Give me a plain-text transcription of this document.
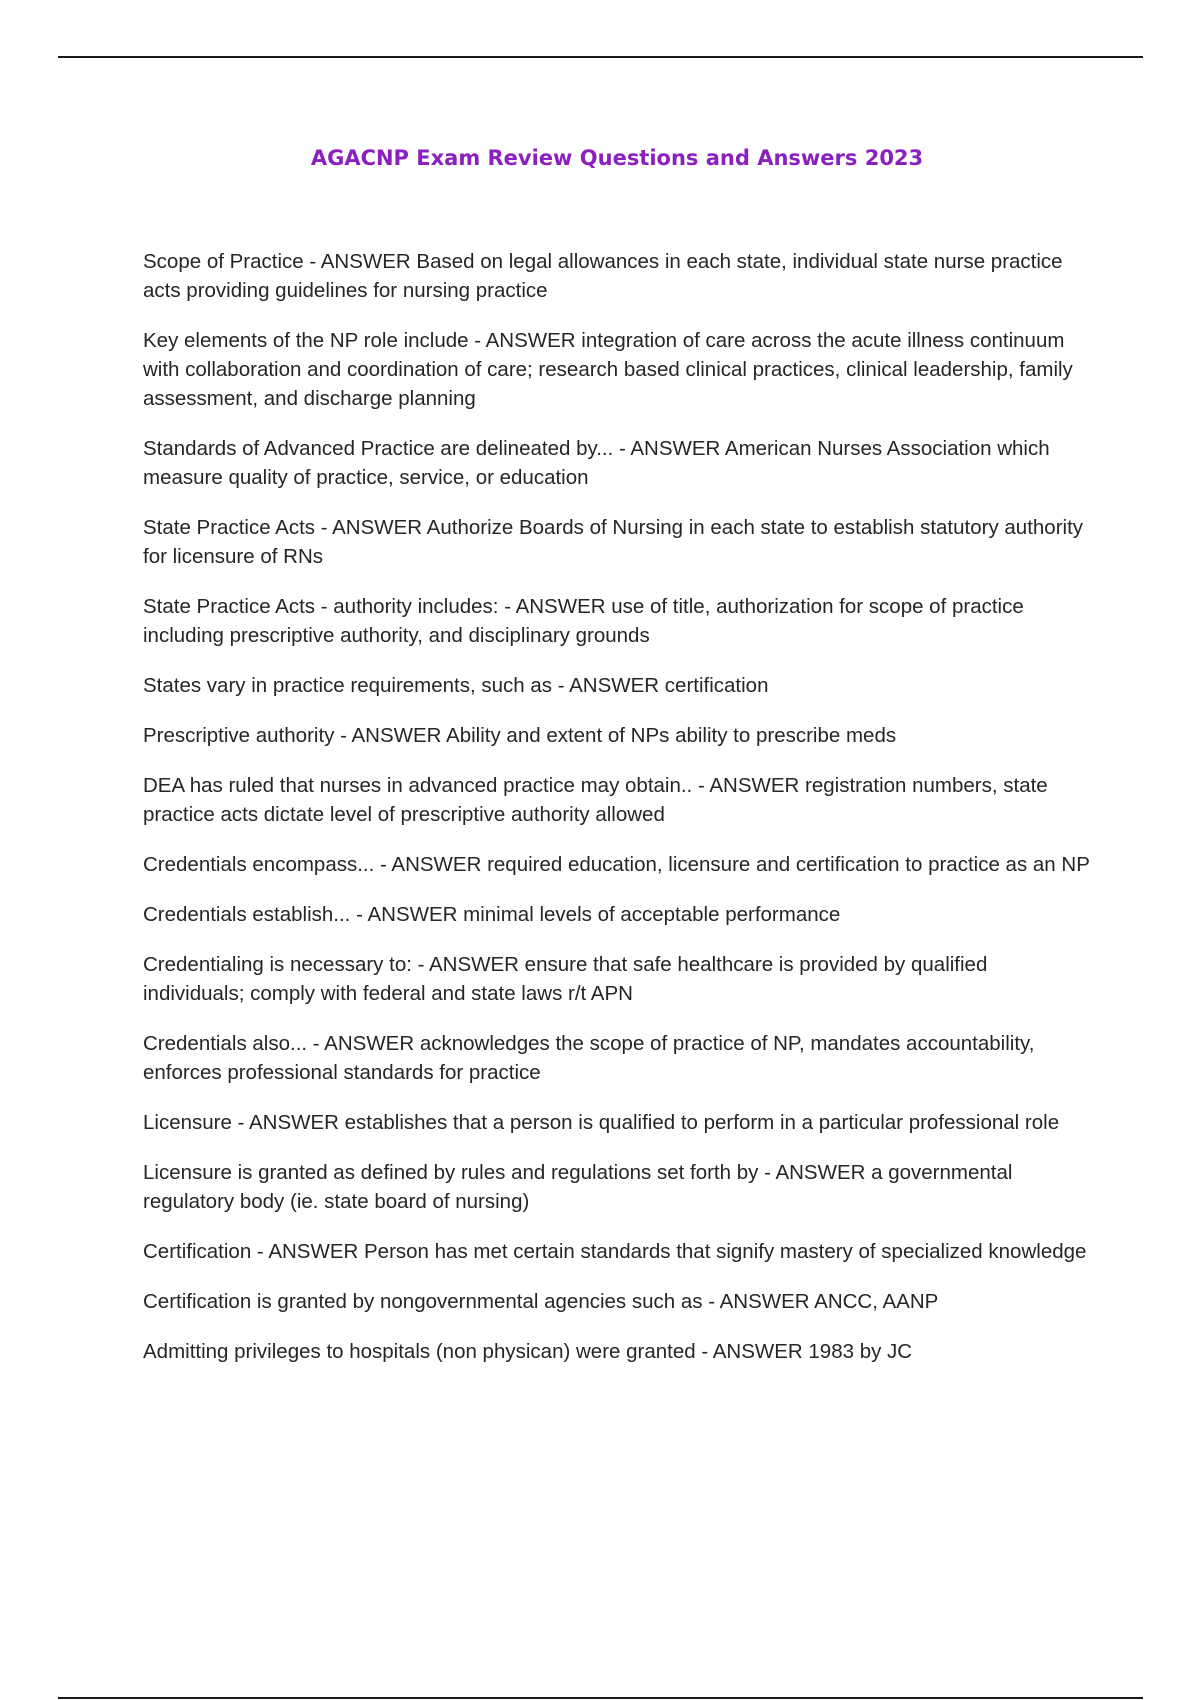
AGACNP Exam Review Questions and Answers 2023
Scope of Practice - ANSWER Based on legal allowances in each state, individual state nurse practice acts providing guidelines for nursing practice
Key elements of the NP role include - ANSWER integration of care across the acute illness continuum with collaboration and coordination of care; research based clinical practices, clinical leadership, family assessment, and discharge planning
Standards of Advanced Practice are delineated by... - ANSWER American Nurses Association which measure quality of practice, service, or education
State Practice Acts - ANSWER Authorize Boards of Nursing in each state to establish statutory authority for licensure of RNs
State Practice Acts - authority includes: - ANSWER use of title, authorization for scope of practice including prescriptive authority, and disciplinary grounds
States vary in practice requirements, such as - ANSWER certification
Prescriptive authority - ANSWER Ability and extent of NPs ability to prescribe meds
DEA has ruled that nurses in advanced practice may obtain.. - ANSWER registration numbers, state practice acts dictate level of prescriptive authority allowed
Credentials encompass... - ANSWER required education, licensure and certification to practice as an NP
Credentials establish... - ANSWER minimal levels of acceptable performance
Credentialing is necessary to: - ANSWER ensure that safe healthcare is provided by qualified individuals; comply with federal and state laws r/t APN
Credentials also... - ANSWER acknowledges the scope of practice of NP, mandates accountability, enforces professional standards for practice
Licensure - ANSWER establishes that a person is qualified to perform in a particular professional role
Licensure is granted as defined by rules and regulations set forth by - ANSWER a governmental regulatory body (ie. state board of nursing)
Certification - ANSWER Person has met certain standards that signify mastery of specialized knowledge
Certification is granted by nongovernmental agencies such as - ANSWER ANCC, AANP
Admitting privileges to hospitals (non physican) were granted - ANSWER 1983 by JC
